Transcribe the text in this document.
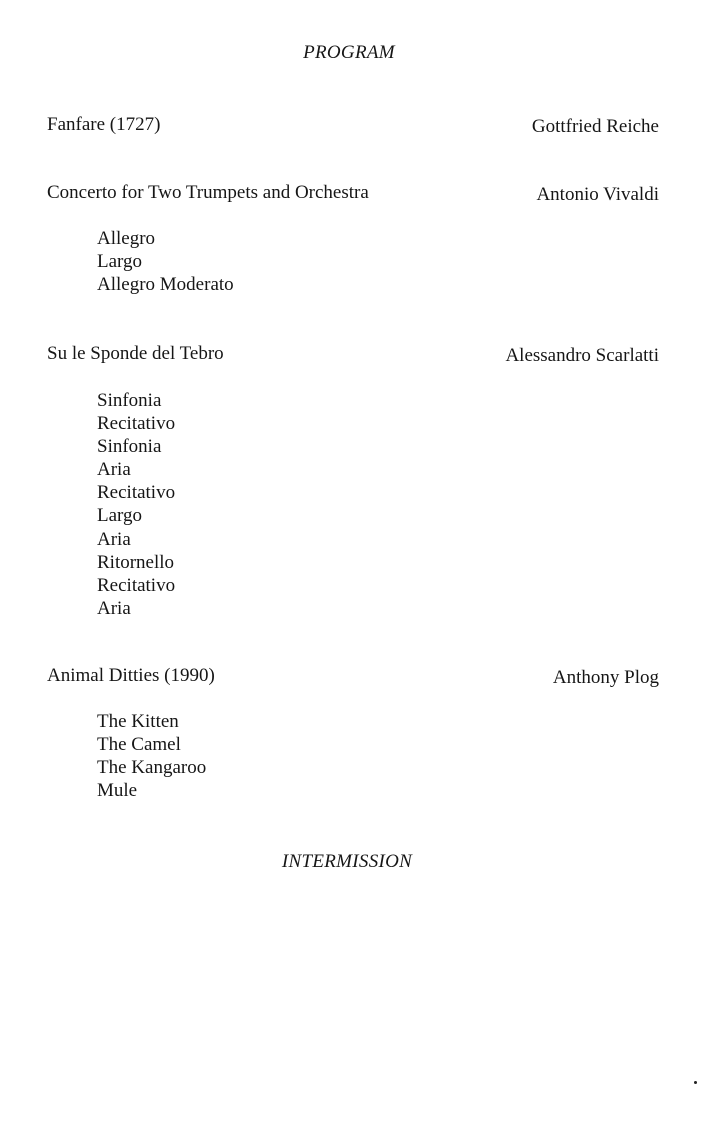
PROGRAM
Fanfare (1727)	Gottfried Reiche
Concerto for Two Trumpets and Orchestra	Antonio Vivaldi
Allegro
Largo
Allegro Moderato
Su le Sponde del Tebro	Alessandro Scarlatti
Sinfonia
Recitativo
Sinfonia
Aria
Recitativo
Largo
Aria
Ritornello
Recitativo
Aria
Animal Ditties (1990)	Anthony Plog
The Kitten
The Camel
The Kangaroo
Mule
INTERMISSION
